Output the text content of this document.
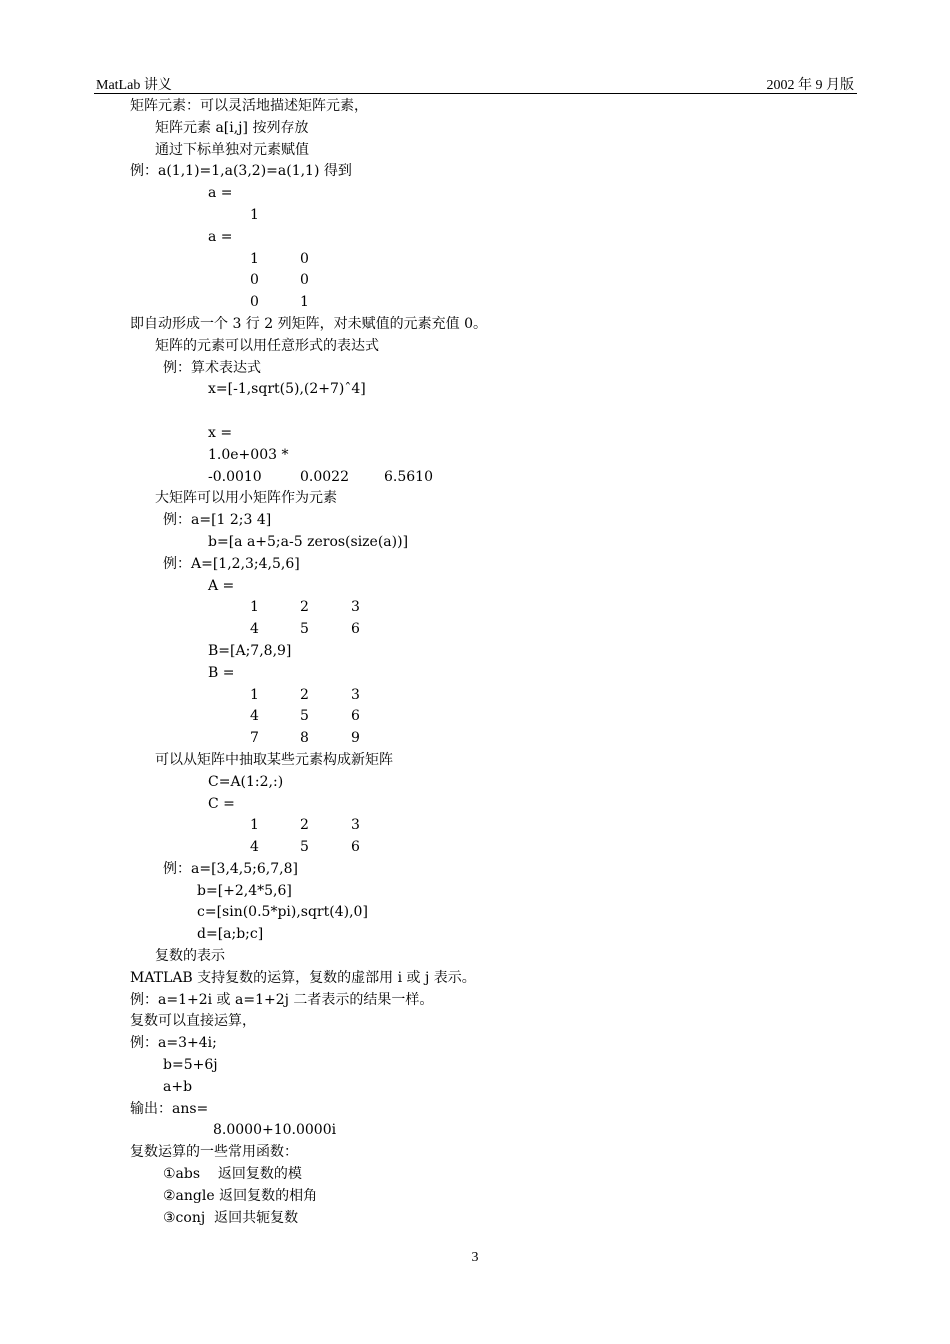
MatLab 讲义	2002 年 9 月版
矩阵元素：可以灵活地描述矩阵元素，
矩阵元素 a[i,j] 按列存放
通过下标单独对元素赋值
例：a(1,1)=1,a(3,2)=a(1,1) 得到
a =
1
a =
1	0
0	0
0	1
即自动形成一个 3 行 2 列矩阵，对未赋值的元素充值 0。
矩阵的元素可以用任意形式的表达式
例：算术表达式
x=[-1,sqrt(5),(2+7)ˆ4]
x =
1.0e+003 *
-0.0010	0.0022	6.5610
大矩阵可以用小矩阵作为元素
例：a=[1 2;3 4]
b=[a a+5;a-5 zeros(size(a))]
例：A=[1,2,3;4,5,6]
A =
1	2	3
4	5	6
B=[A;7,8,9]
B =
1	2	3
4	5	6
7	8	9
可以从矩阵中抽取某些元素构成新矩阵
C=A(1:2,:)
C =
1	2	3
4	5	6
例：a=[3,4,5;6,7,8]
b=[+2,4*5,6]
c=[sin(0.5*pi),sqrt(4),0]
d=[a;b;c]
复数的表示
MATLAB 支持复数的运算，复数的虚部用 i 或 j 表示。
例：a=1+2i 或 a=1+2j 二者表示的结果一样。
复数可以直接运算，
例：a=3+4i;
b=5+6j
a+b
输出：ans=
8.0000+10.0000i
复数运算的一些常用函数：
①abs    返回复数的模
②angle 返回复数的相角
③conj  返回共轭复数
3
